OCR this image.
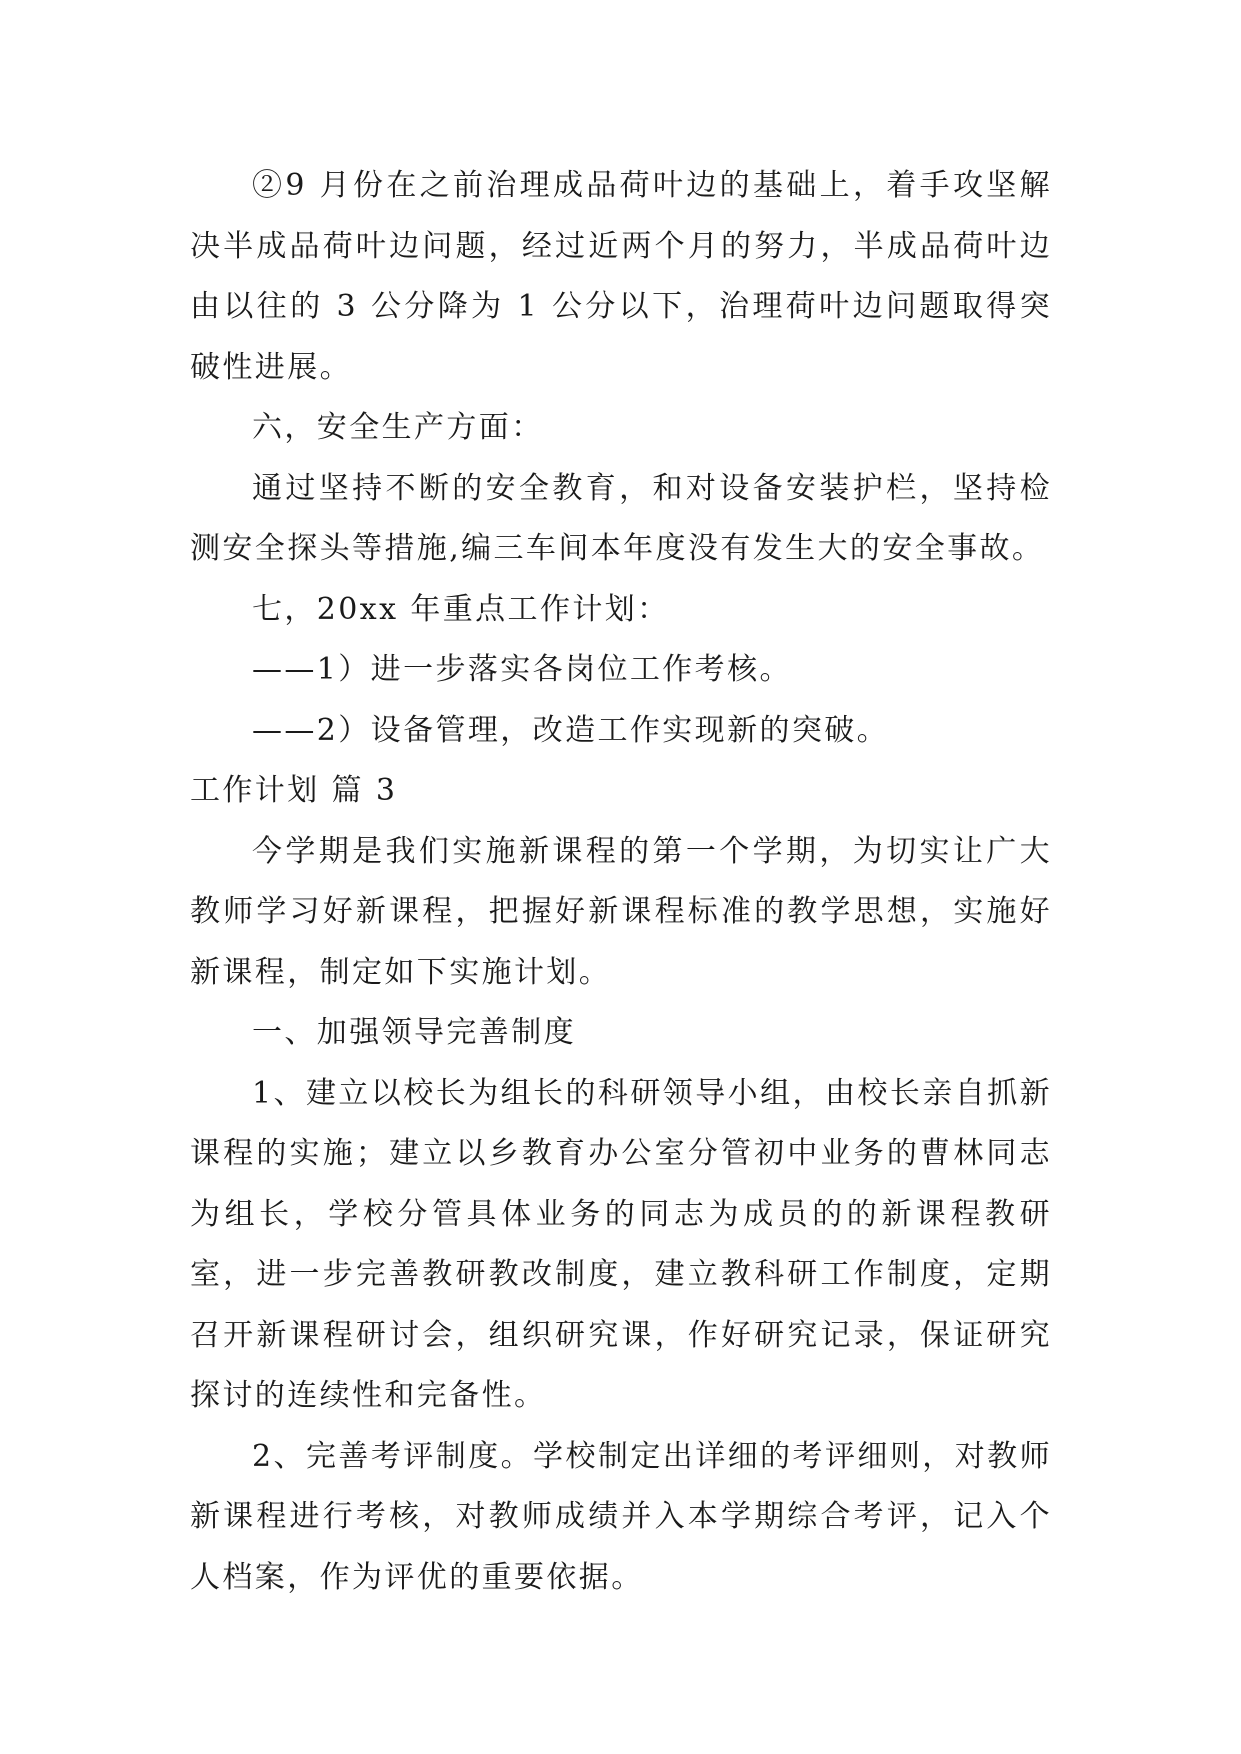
②9 月份在之前治理成品荷叶边的基础上，着手攻坚解决半成品荷叶边问题，经过近两个月的努力，半成品荷叶边由以往的 3 公分降为 1 公分以下，治理荷叶边问题取得突破性进展。

六，安全生产方面：

通过坚持不断的安全教育，和对设备安装护栏，坚持检测安全探头等措施,编三车间本年度没有发生大的安全事故。

七，20xx 年重点工作计划：

——1）进一步落实各岗位工作考核。

——2）设备管理，改造工作实现新的突破。

工作计划 篇 3

今学期是我们实施新课程的第一个学期，为切实让广大教师学习好新课程，把握好新课程标准的教学思想，实施好新课程，制定如下实施计划。

一、加强领导完善制度

1、建立以校长为组长的科研领导小组，由校长亲自抓新课程的实施；建立以乡教育办公室分管初中业务的曹林同志为组长，学校分管具体业务的同志为成员的的新课程教研室，进一步完善教研教改制度，建立教科研工作制度，定期召开新课程研讨会，组织研究课，作好研究记录，保证研究探讨的连续性和完备性。

2、完善考评制度。学校制定出详细的考评细则，对教师新课程进行考核，对教师成绩并入本学期综合考评，记入个人档案，作为评优的重要依据。
